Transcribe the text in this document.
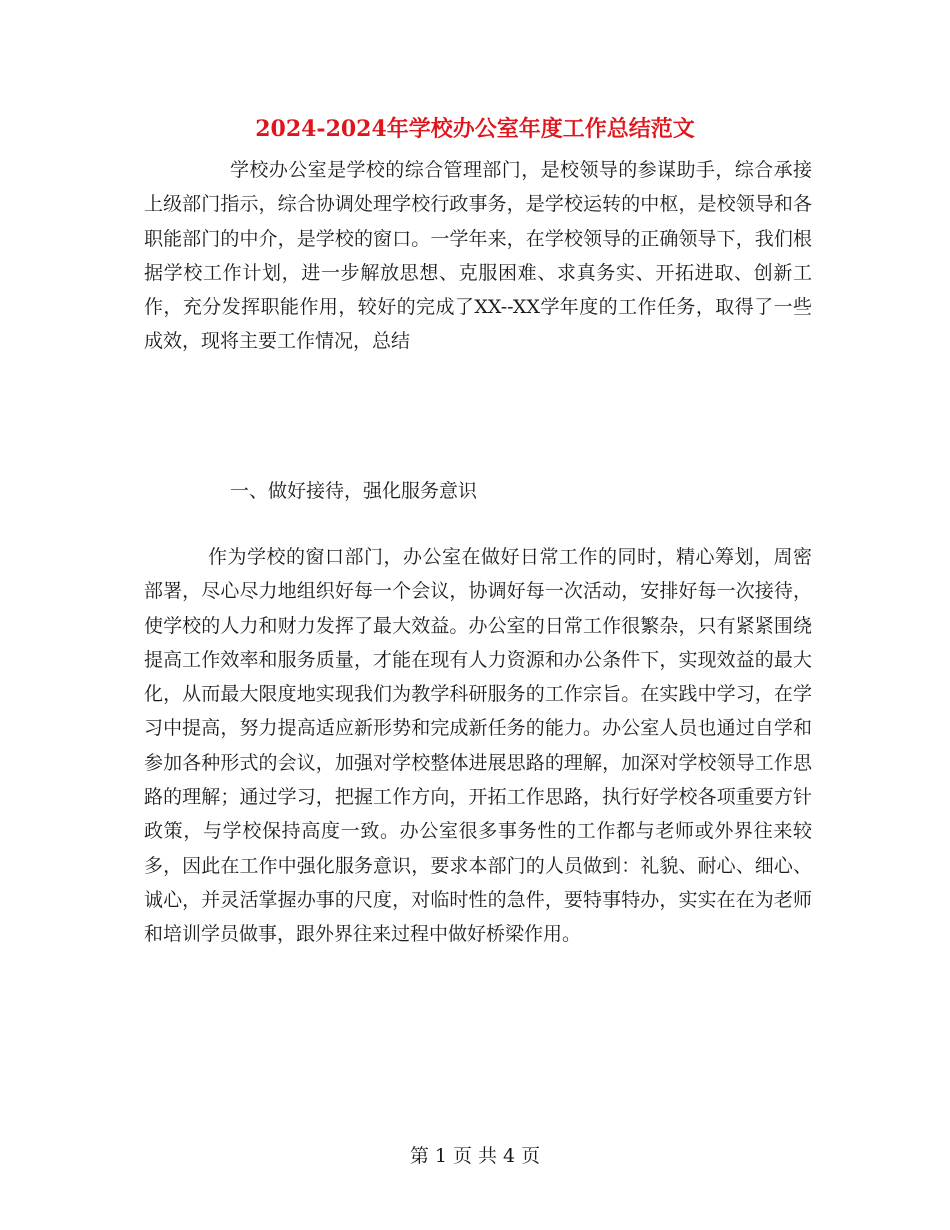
2024-2024年学校办公室年度工作总结范文
学校办公室是学校的综合管理部门，是校领导的参谋助手，综合承接上级部门指示，综合协调处理学校行政事务，是学校运转的中枢，是校领导和各职能部门的中介，是学校的窗口。一学年来，在学校领导的正确领导下，我们根据学校工作计划，进一步解放思想、克服困难、求真务实、开拓进取、创新工作，充分发挥职能作用，较好的完成了XX--XX学年度的工作任务，取得了一些成效，现将主要工作情况，总结
一、做好接待，强化服务意识
作为学校的窗口部门，办公室在做好日常工作的同时，精心筹划，周密部署，尽心尽力地组织好每一个会议，协调好每一次活动，安排好每一次接待，使学校的人力和财力发挥了最大效益。办公室的日常工作很繁杂，只有紧紧围绕提高工作效率和服务质量，才能在现有人力资源和办公条件下，实现效益的最大化，从而最大限度地实现我们为教学科研服务的工作宗旨。在实践中学习，在学习中提高，努力提高适应新形势和完成新任务的能力。办公室人员也通过自学和参加各种形式的会议，加强对学校整体进展思路的理解，加深对学校领导工作思路的理解；通过学习，把握工作方向，开拓工作思路，执行好学校各项重要方针政策，与学校保持高度一致。办公室很多事务性的工作都与老师或外界往来较多，因此在工作中强化服务意识，要求本部门的人员做到：礼貌、耐心、细心、诚心，并灵活掌握办事的尺度，对临时性的急件，要特事特办，实实在在为老师和培训学员做事，跟外界往来过程中做好桥梁作用。
第 1 页 共 4 页
